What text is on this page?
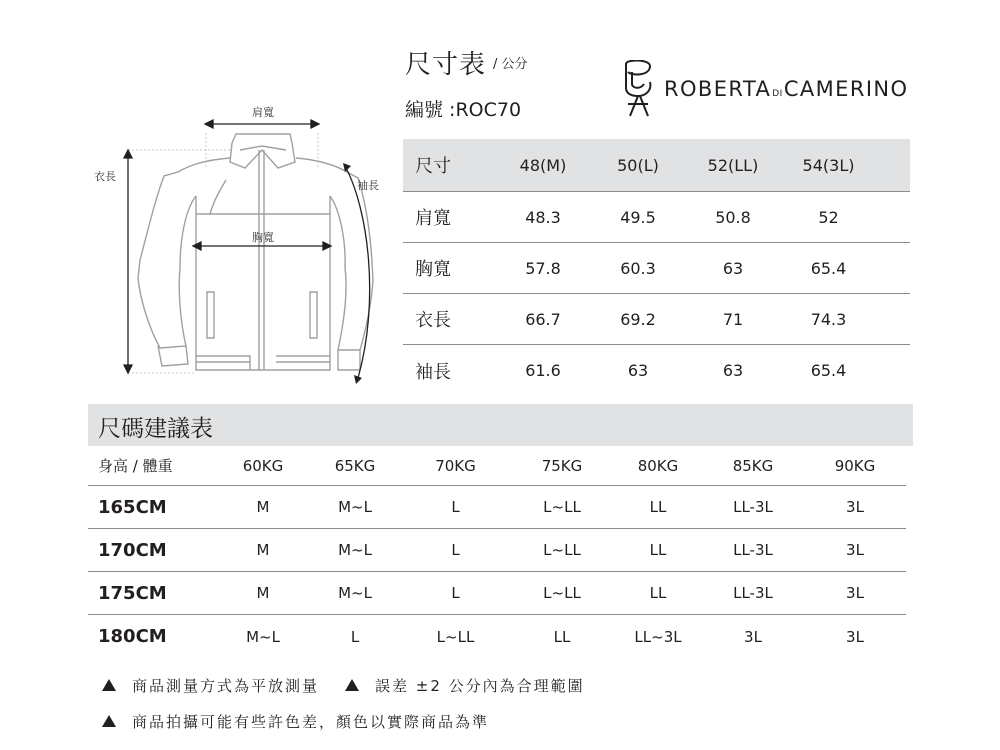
尺寸表 / 公分
編號 :ROC70
ROBERTADICAMERINO
肩寬
胸寬
衣長
袖長
尺寸	48(M)	50(L)	52(LL)	54(3L)
肩寬	48.3	49.5	50.8	52
胸寬	57.8	60.3	63	65.4
衣長	66.7	69.2	71	74.3
袖長	61.6	63	63	65.4
尺碼建議表
身高 / 體重	60KG	65KG	70KG	75KG	80KG	85KG	90KG
165CM	M	M~L	L	L~LL	LL	LL-3L	3L
170CM	M	M~L	L	L~LL	LL	LL-3L	3L
175CM	M	M~L	L	L~LL	LL	LL-3L	3L
180CM	M~L	L	L~LL	LL	LL~3L	3L	3L
商品測量方式為平放測量	誤差 ±2 公分內為合理範圍
商品拍攝可能有些許色差，顏色以實際商品為準
